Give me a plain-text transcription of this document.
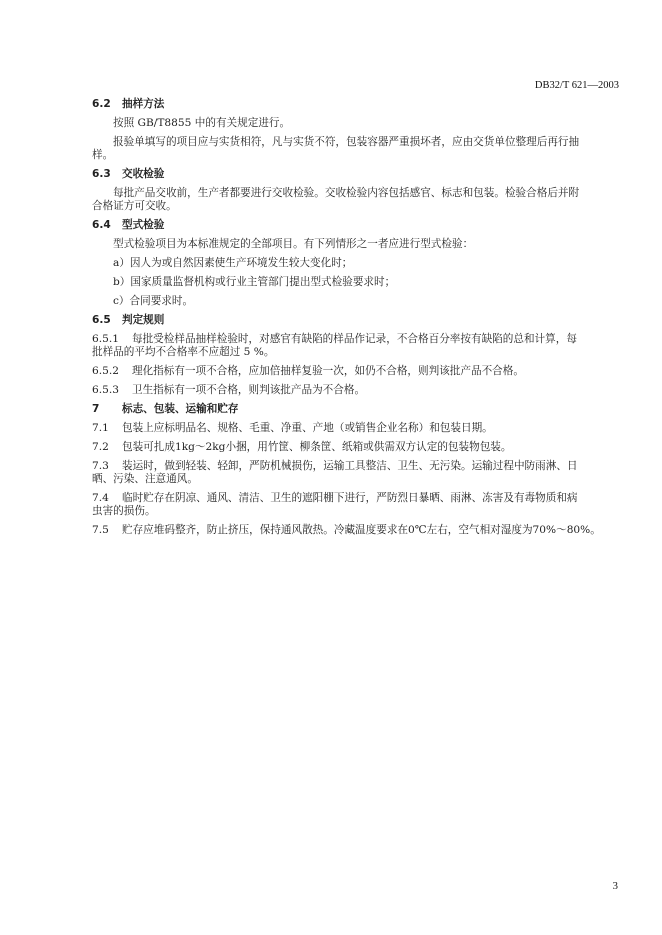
DB32/T 621—2003
6.2 抽样方法
按照 GB/T8855 中的有关规定进行。
报验单填写的项目应与实货相符，凡与实货不符，包装容器严重损坏者，应由交货单位整理后再行抽
样。
6.3 交收检验
每批产品交收前，生产者都要进行交收检验。交收检验内容包括感官、标志和包装。检验合格后并附
合格证方可交收。
6.4 型式检验
型式检验项目为本标准规定的全部项目。有下列情形之一者应进行型式检验：
a）因人为或自然因素使生产环境发生较大变化时；
b）国家质量监督机构或行业主管部门提出型式检验要求时；
c）合同要求时。
6.5 判定规则
6.5.1 每批受检样品抽样检验时，对感官有缺陷的样品作记录，不合格百分率按有缺陷的总和计算，每
批样品的平均不合格率不应超过 5 %。
6.5.2 理化指标有一项不合格，应加倍抽样复验一次，如仍不合格，则判该批产品不合格。
6.5.3 卫生指标有一项不合格，则判该批产品为不合格。
7 标志、包装、运输和贮存
7.1 包装上应标明品名、规格、毛重、净重、产地（或销售企业名称）和包装日期。
7.2 包装可扎成1kg～2kg小捆，用竹筐、柳条筐、纸箱或供需双方认定的包装物包装。
7.3 装运时，做到轻装、轻卸，严防机械损伤，运输工具整洁、卫生、无污染。运输过程中防雨淋、日
晒、污染、注意通风。
7.4 临时贮存在阴凉、通风、清洁、卫生的遮阳棚下进行，严防烈日暴晒、雨淋、冻害及有毒物质和病
虫害的损伤。
7.5 贮存应堆码整齐，防止挤压，保持通风散热。冷藏温度要求在0℃左右，空气相对湿度为70%～80%。
3
